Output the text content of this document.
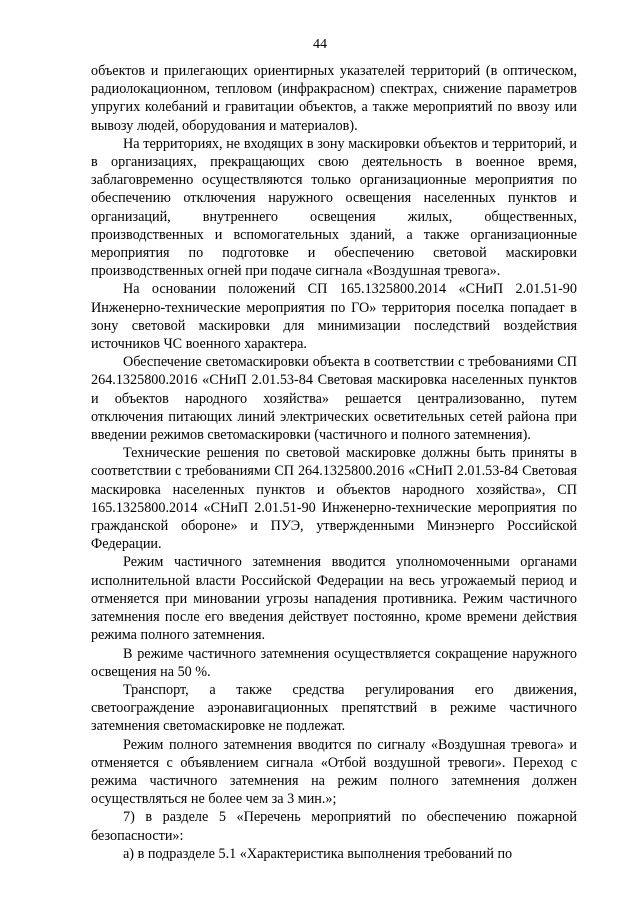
44

объектов и прилегающих ориентирных указателей территорий (в оптическом, радиолокационном, тепловом (инфракрасном) спектрах, снижение параметров упругих колебаний и гравитации объектов, а также мероприятий по ввозу или вывозу людей, оборудования и материалов).

На территориях, не входящих в зону маскировки объектов и территорий, и в организациях, прекращающих свою деятельность в военное время, заблаговременно осуществляются только организационные мероприятия по обеспечению отключения наружного освещения населенных пунктов и организаций, внутреннего освещения жилых, общественных, производственных и вспомогательных зданий, а также организационные мероприятия по подготовке и обеспечению световой маскировки производственных огней при подаче сигнала «Воздушная тревога».

На основании положений СП 165.1325800.2014 «СНиП 2.01.51-90 Инженерно-технические мероприятия по ГО» территория поселка попадает в зону световой маскировки для минимизации последствий воздействия источников ЧС военного характера.

Обеспечение светомаскировки объекта в соответствии с требованиями СП 264.1325800.2016 «СНиП 2.01.53-84 Световая маскировка населенных пунктов и объектов народного хозяйства» решается централизованно, путем отключения питающих линий электрических осветительных сетей района при введении режимов светомаскировки (частичного и полного затемнения).

Технические решения по световой маскировке должны быть приняты в соответствии с требованиями СП 264.1325800.2016 «СНиП 2.01.53-84 Световая маскировка населенных пунктов и объектов народного хозяйства», СП 165.1325800.2014 «СНиП 2.01.51-90 Инженерно-технические мероприятия по гражданской обороне» и ПУЭ, утвержденными Минэнерго Российской Федерации.

Режим частичного затемнения вводится уполномоченными органами исполнительной власти Российской Федерации на весь угрожаемый период и отменяется при миновании угрозы нападения противника. Режим частичного затемнения после его введения действует постоянно, кроме времени действия режима полного затемнения.

В режиме частичного затемнения осуществляется сокращение наружного освещения на 50 %.

Транспорт, а также средства регулирования его движения, светоограждение аэронавигационных препятствий в режиме частичного затемнения светомаскировке не подлежат.

Режим полного затемнения вводится по сигналу «Воздушная тревога» и отменяется с объявлением сигнала «Отбой воздушной тревоги». Переход с режима частичного затемнения на режим полного затемнения должен осуществляться не более чем за 3 мин.»;

7) в разделе 5 «Перечень мероприятий по обеспечению пожарной безопасности»:

а) в подразделе 5.1 «Характеристика выполнения требований по
